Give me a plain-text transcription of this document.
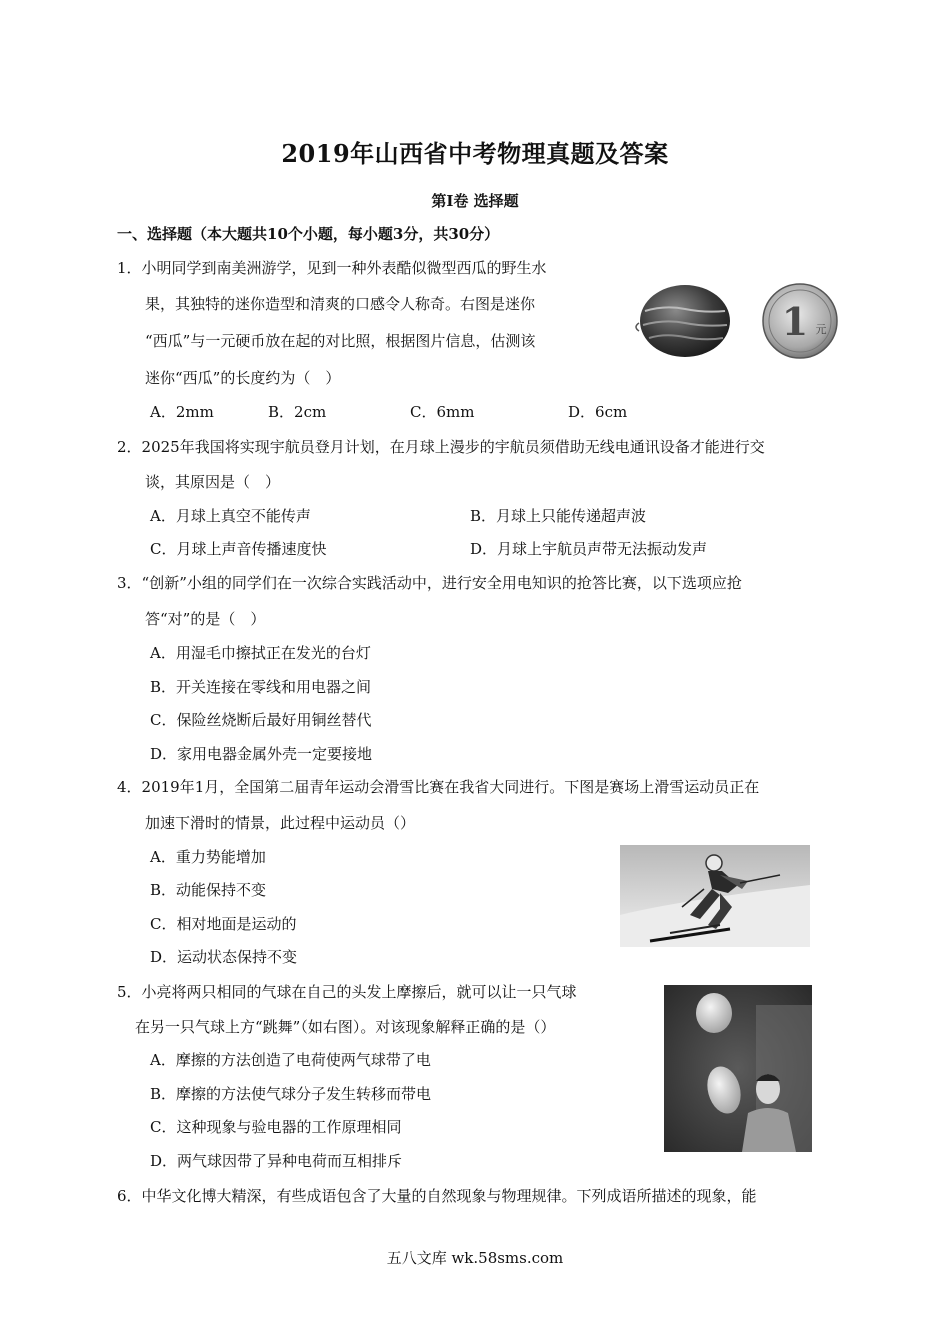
2019年山西省中考物理真题及答案
第I卷 选择题
一、选择题（本大题共10个小题，每小题3分，共30分）
1．小明同学到南美洲游学，见到一种外表酷似微型西瓜的野生水
果，其独特的迷你造型和清爽的口感令人称奇。右图是迷你
“西瓜”与一元硬币放在起的对比照，根据图片信息，估测该
迷你“西瓜”的长度约为（　）
A．2mm	B．2cm	C．6mm	D．6cm
1 元
2．2025年我国将实现宇航员登月计划，在月球上漫步的宇航员须借助无线电通讯设备才能进行交
谈，其原因是（　）
A．月球上真空不能传声	B．月球上只能传递超声波
C．月球上声音传播速度快	D．月球上宇航员声带无法振动发声
3．“创新”小组的同学们在一次综合实践活动中，进行安全用电知识的抢答比赛，以下选项应抢
答“对”的是（　）
A．用湿毛巾擦拭正在发光的台灯
B．开关连接在零线和用电器之间
C．保险丝烧断后最好用铜丝替代
D．家用电器金属外壳一定要接地
4．2019年1月，全国第二届青年运动会滑雪比赛在我省大同进行。下图是赛场上滑雪运动员正在
加速下滑时的情景，此过程中运动员（）
A．重力势能增加
B．动能保持不变
C．相对地面是运动的
D．运动状态保持不变
5．小亮将两只相同的气球在自己的头发上摩擦后，就可以让一只气球
在另一只气球上方“跳舞”（如右图）。对该现象解释正确的是（）
A．摩擦的方法创造了电荷使两气球带了电
B．摩擦的方法使气球分子发生转移而带电
C．这种现象与验电器的工作原理相同
D．两气球因带了异种电荷而互相排斥
6．中华文化博大精深，有些成语包含了大量的自然现象与物理规律。下列成语所描述的现象，能
五八文库 wk.58sms.com
